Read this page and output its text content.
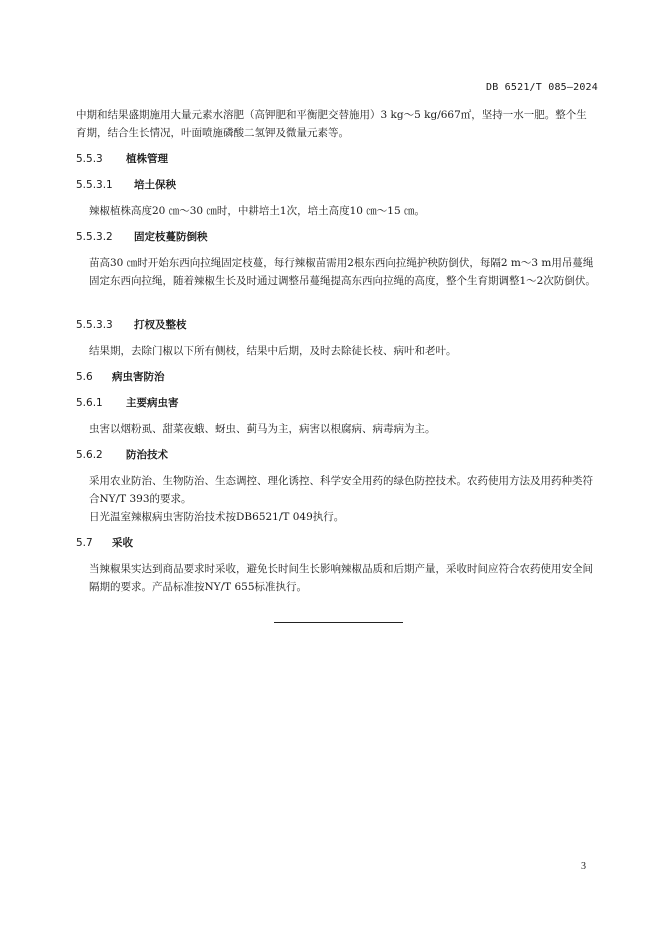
DB 6521/T 085—2024

中期和结果盛期施用大量元素水溶肥（高钾肥和平衡肥交替施用）3 kg～5 kg/667㎡，坚持一水一肥。整个生育期，结合生长情况，叶面喷施磷酸二氢钾及微量元素等。

5.5.3 植株管理
5.5.3.1 培土保秧

辣椒植株高度20 ㎝～30 ㎝时，中耕培土1次，培土高度10 ㎝～15 ㎝。

5.5.3.2 固定枝蔓防倒秧

苗高30 ㎝时开始东西向拉绳固定枝蔓，每行辣椒苗需用2根东西向拉绳护秧防倒伏，每隔2 m～3 m用吊蔓绳固定东西向拉绳，随着辣椒生长及时通过调整吊蔓绳提高东西向拉绳的高度，整个生育期调整1～2次防倒伏。

5.5.3.3 打杈及整枝

结果期，去除门椒以下所有侧枝，结果中后期，及时去除徒长枝、病叶和老叶。

5.6 病虫害防治
5.6.1 主要病虫害

虫害以烟粉虱、甜菜夜蛾、蚜虫、蓟马为主，病害以根腐病、病毒病为主。

5.6.2 防治技术

采用农业防治、生物防治、生态调控、理化诱控、科学安全用药的绿色防控技术。农药使用方法及用药种类符合NY/T 393的要求。

日光温室辣椒病虫害防治技术按DB6521/T 049执行。

5.7 采收

当辣椒果实达到商品要求时采收，避免长时间生长影响辣椒品质和后期产量，采收时间应符合农药使用安全间隔期的要求。产品标准按NY/T 655标准执行。

3
